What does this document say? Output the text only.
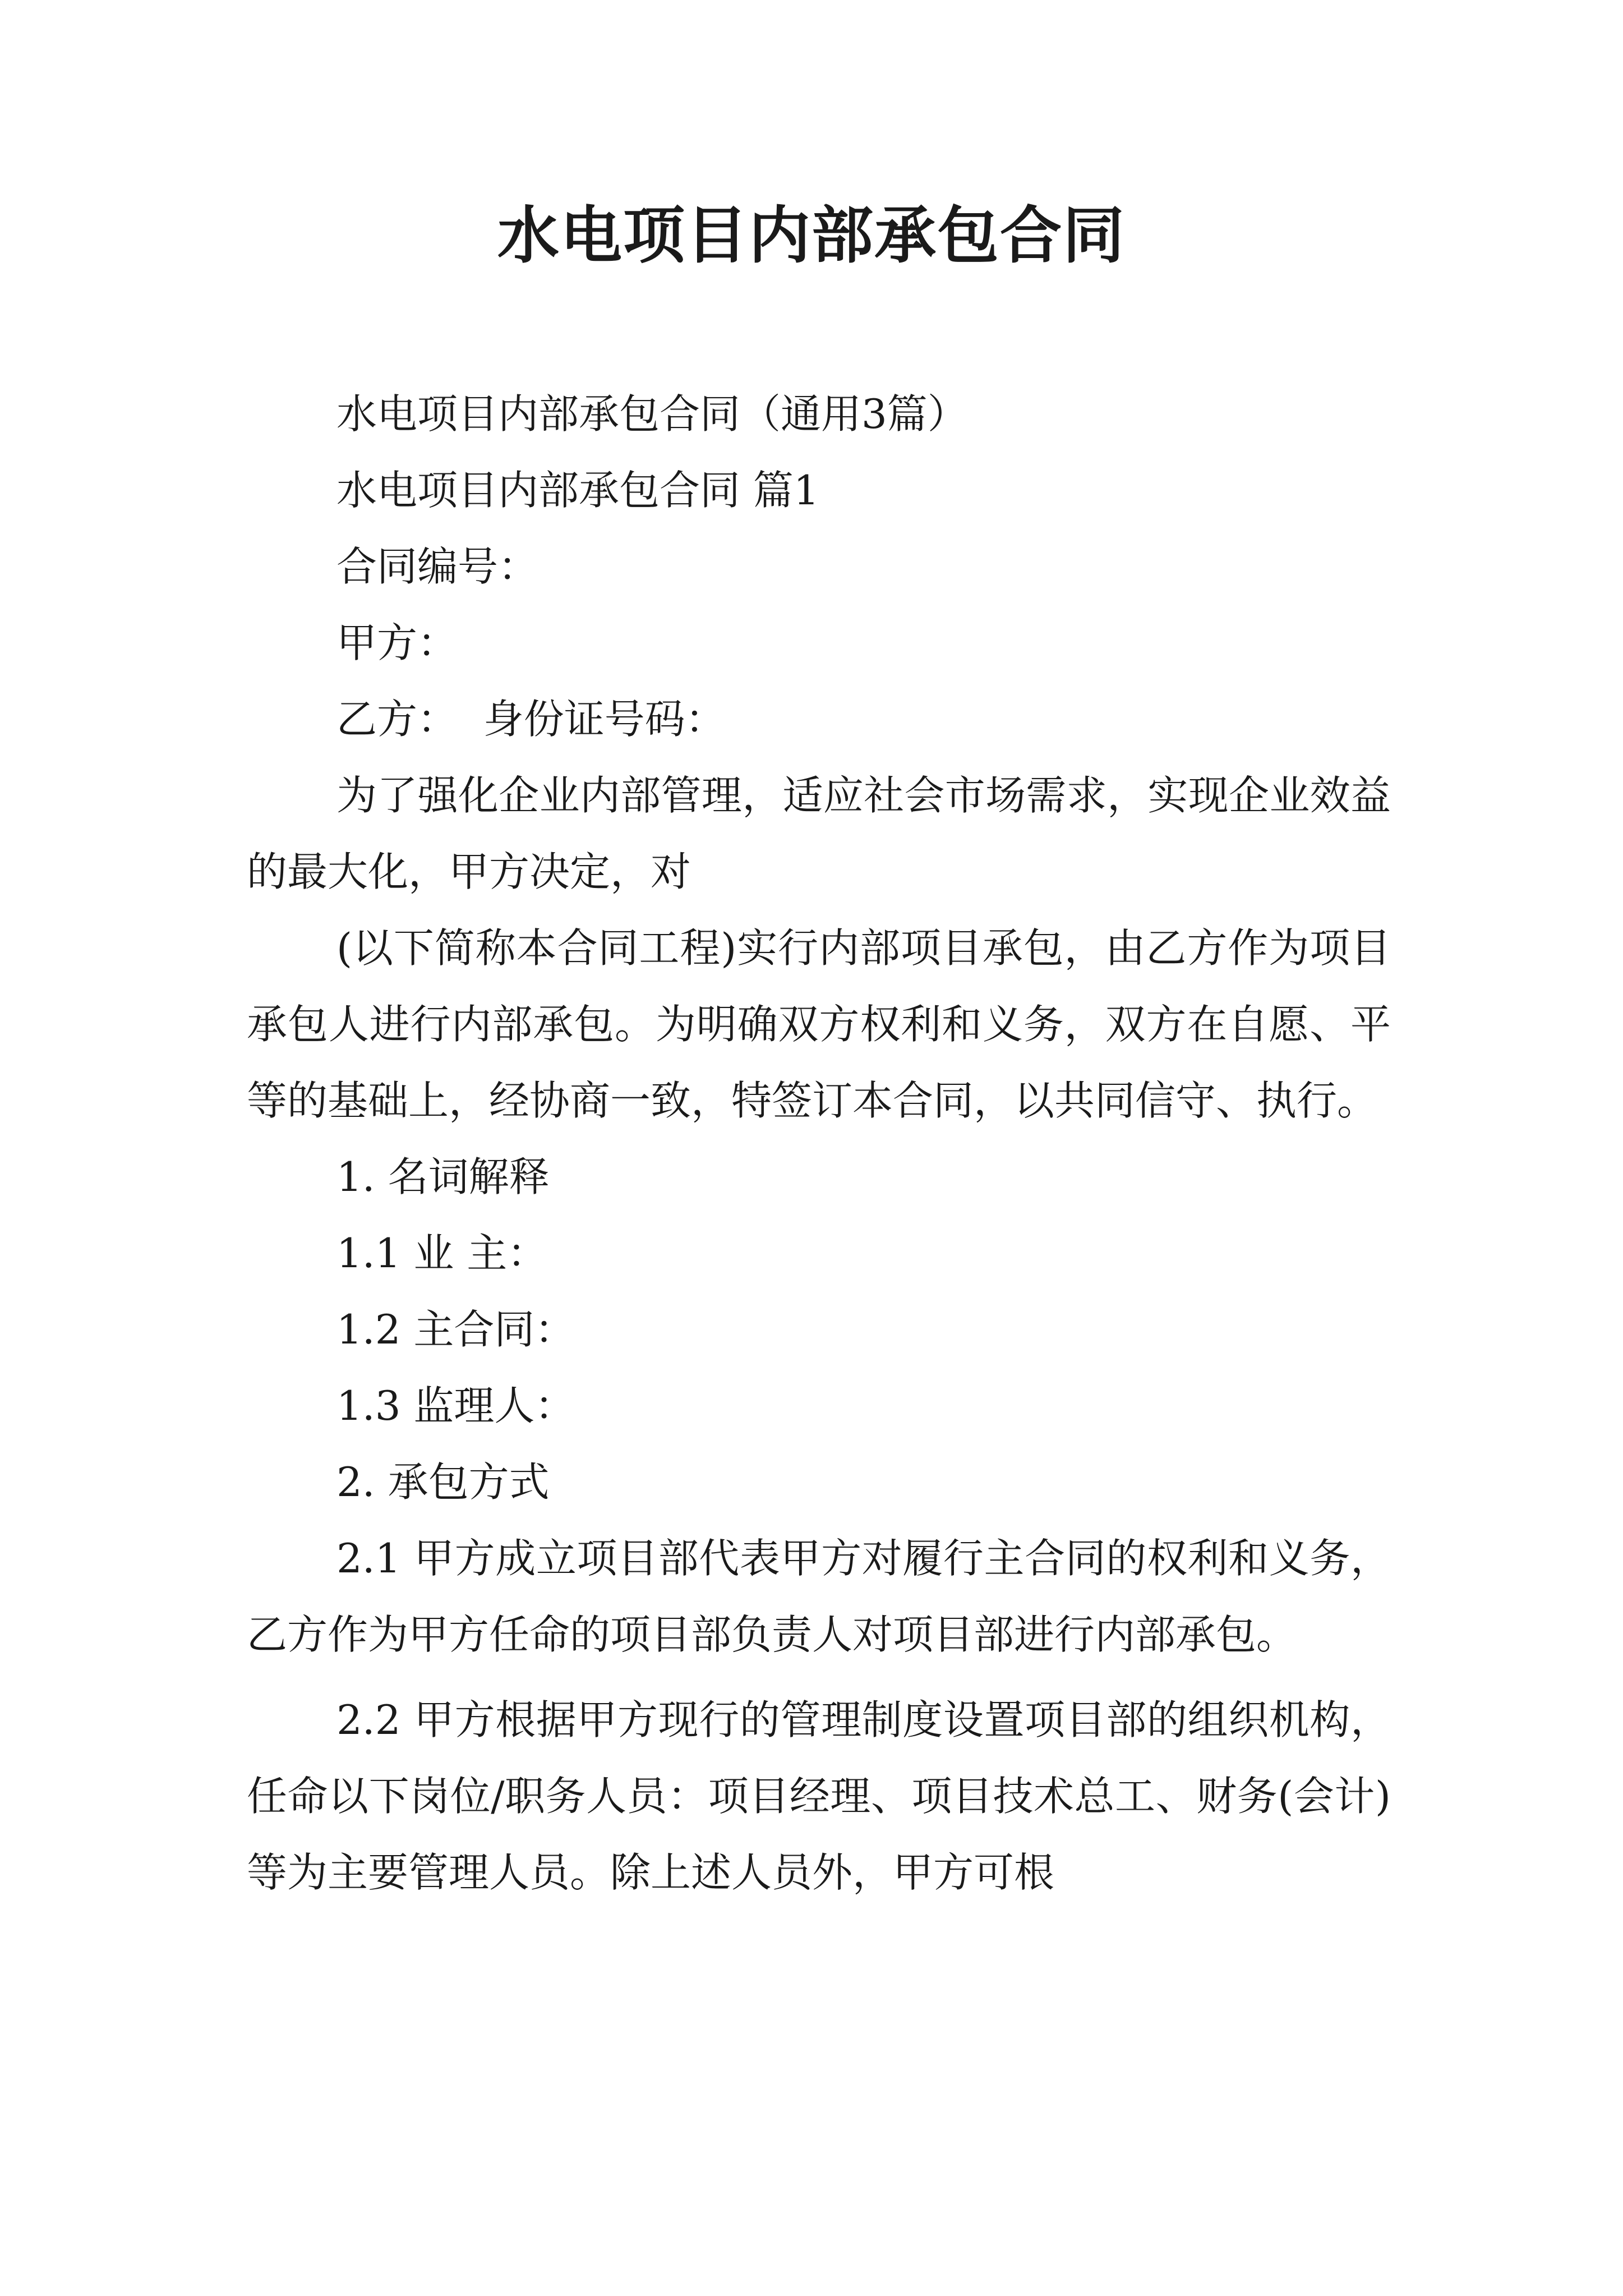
水电项目内部承包合同

水电项目内部承包合同（通用3篇）

水电项目内部承包合同 篇1

合同编号：

甲方：

乙方：  身份证号码：

为了强化企业内部管理，适应社会市场需求，实现企业效益的最大化，甲方决定，对

(以下简称本合同工程)实行内部项目承包，由乙方作为项目承包人进行内部承包。为明确双方权利和义务，双方在自愿、平等的基础上，经协商一致，特签订本合同，以共同信守、执行。

1. 名词解释

1.1 业 主：

1.2 主合同：

1.3 监理人：

2. 承包方式

2.1 甲方成立项目部代表甲方对履行主合同的权利和义务，乙方作为甲方任命的项目部负责人对项目部进行内部承包。

2.2 甲方根据甲方现行的管理制度设置项目部的组织机构，任命以下岗位/职务人员：项目经理、项目技术总工、财务(会计) 等为主要管理人员。除上述人员外，甲方可根
